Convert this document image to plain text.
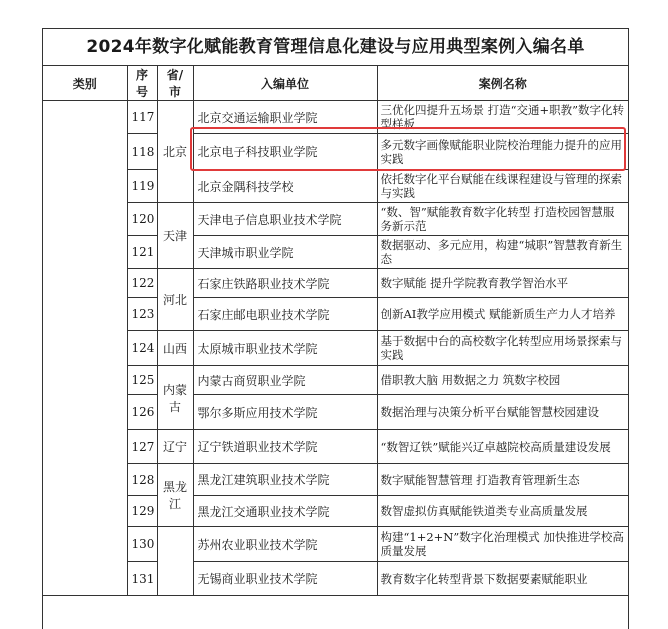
2024年数字化赋能教育管理信息化建设与应用典型案例入编名单
类别	序号	省/市	入编单位	案例名称
	117	北京	北京交通运输职业学院	三优化四提升五场景 打造“交通+职教”数字化转型样板
	118		北京电子科技职业学院	多元数字画像赋能职业院校治理能力提升的应用实践
	119		北京金隅科技学校	依托数字化平台赋能在线课程建设与管理的探索与实践
	120	天津	天津电子信息职业技术学院	“数、智”赋能教育数字化转型 打造校园智慧服务新示范
	121		天津城市职业学院	数据驱动、多元应用，构建“城职”智慧教育新生态
	122	河北	石家庄铁路职业技术学院	数字赋能 提升学院教育教学智治水平
	123		石家庄邮电职业技术学院	创新AI教学应用模式 赋能新质生产力人才培养
	124	山西	太原城市职业技术学院	基于数据中台的高校数字化转型应用场景探索与实践
	125	内蒙古	内蒙古商贸职业学院	借职教大脑 用数据之力 筑数字校园
	126		鄂尔多斯应用技术学院	数据治理与决策分析平台赋能智慧校园建设
	127	辽宁	辽宁铁道职业技术学院	“数智辽铁”赋能兴辽卓越院校高质量建设发展
	128	黑龙江	黑龙江建筑职业技术学院	数字赋能智慧管理 打造教育管理新生态
	129		黑龙江交通职业技术学院	数智虚拟仿真赋能铁道类专业高质量发展
	130		苏州农业职业技术学院	构建“1+2+N”数字化治理模式 加快推进学校高质量发展
	131		无锡商业职业技术学院	教育数字化转型背景下数据要素赋能职业
